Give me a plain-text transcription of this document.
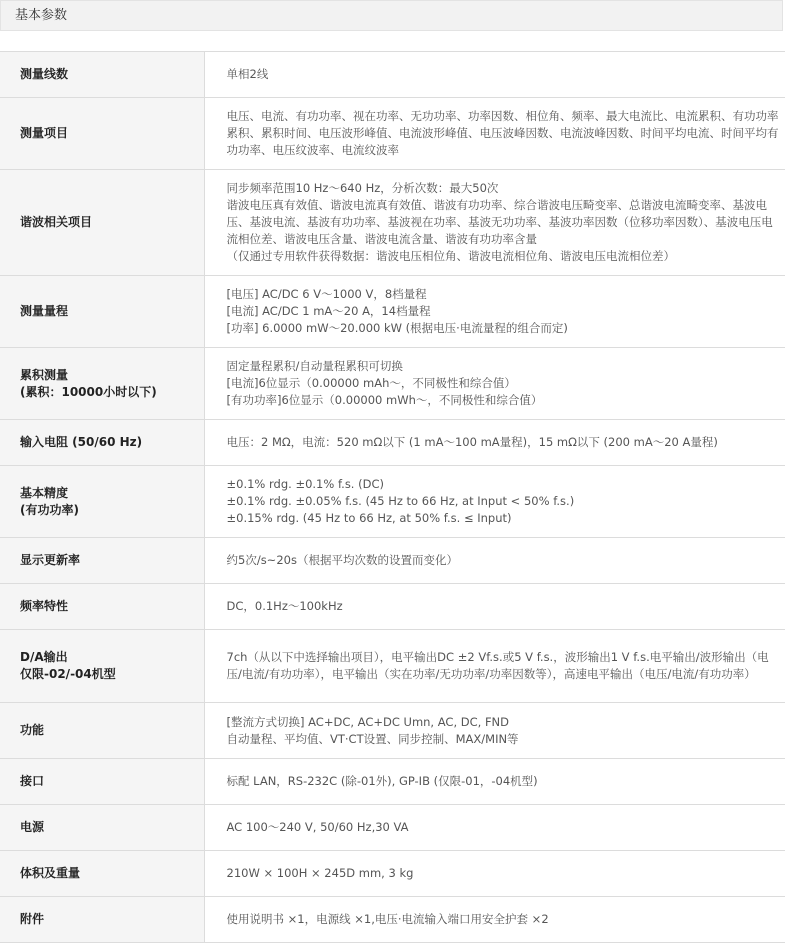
基本参数
测量线数	单相2线

测量项目	电压、电流、有功功率、视在功率、无功功率、功率因数、相位角、频率、最大电流比、电流累积、有功功率累积、累积时间、电压波形峰值、电流波形峰值、电压波峰因数、电流波峰因数、时间平均电流、时间平均有功功率、电压纹波率、电流纹波率

谐波相关项目	同步频率范围10 Hz～640 Hz，分析次数：最大50次
谐波电压真有效值、谐波电流真有效值、谐波有功功率、综合谐波电压畸变率、总谐波电流畸变率、基波电压、基波电流、基波有功功率、基波视在功率、基波无功功率、基波功率因数（位移功率因数）、基波电压电流相位差、谐波电压含量、谐波电流含量、谐波有功功率含量
（仅通过专用软件获得数据：谐波电压相位角、谐波电流相位角、谐波电压电流相位差）

测量量程	[电压] AC/DC 6 V～1000 V，8档量程
[电流] AC/DC 1 mA～20 A，14档量程
[功率] 6.0000 mW～20.000 kW (根据电压·电流量程的组合而定)

累积测量
(累积：10000小时以下)	固定量程累积/自动量程累积可切换
[电流]6位显示（0.00000 mAh～，不同极性和综合值）
[有功功率]6位显示（0.00000 mWh～，不同极性和综合值）

输入电阻 (50/60 Hz)	电压：2 MΩ，电流：520 mΩ以下 (1 mA～100 mA量程)，15 mΩ以下 (200 mA～20 A量程)

基本精度
(有功功率)	±0.1% rdg. ±0.1% f.s. (DC)
±0.1% rdg. ±0.05% f.s. (45 Hz to 66 Hz, at Input < 50% f.s.)
±0.15% rdg. (45 Hz to 66 Hz, at 50% f.s. ≤ Input)

显示更新率	约5次/s~20s（根据平均次数的设置而变化）

频率特性	DC，0.1Hz～100kHz

D/A输出
仅限-02/-04机型	7ch（从以下中选择输出项目），电平输出DC ±2 Vf.s.或5 V f.s.，波形输出1 V f.s.电平输出/波形输出（电压/电流/有功功率），电平输出（实在功率/无功功率/功率因数等），高速电平输出（电压/电流/有功功率）

功能	[整流方式切换] AC+DC, AC+DC Umn, AC, DC, FND
自动量程、平均值、VT·CT设置、同步控制、MAX/MIN等

接口	标配 LAN，RS-232C (除-01外), GP-IB (仅限-01，-04机型)

电源	AC 100～240 V, 50/60 Hz,30 VA

体积及重量	210W × 100H × 245D mm, 3 kg

附件	使用说明书 ×1，电源线 ×1,电压·电流输入端口用安全护套 ×2
